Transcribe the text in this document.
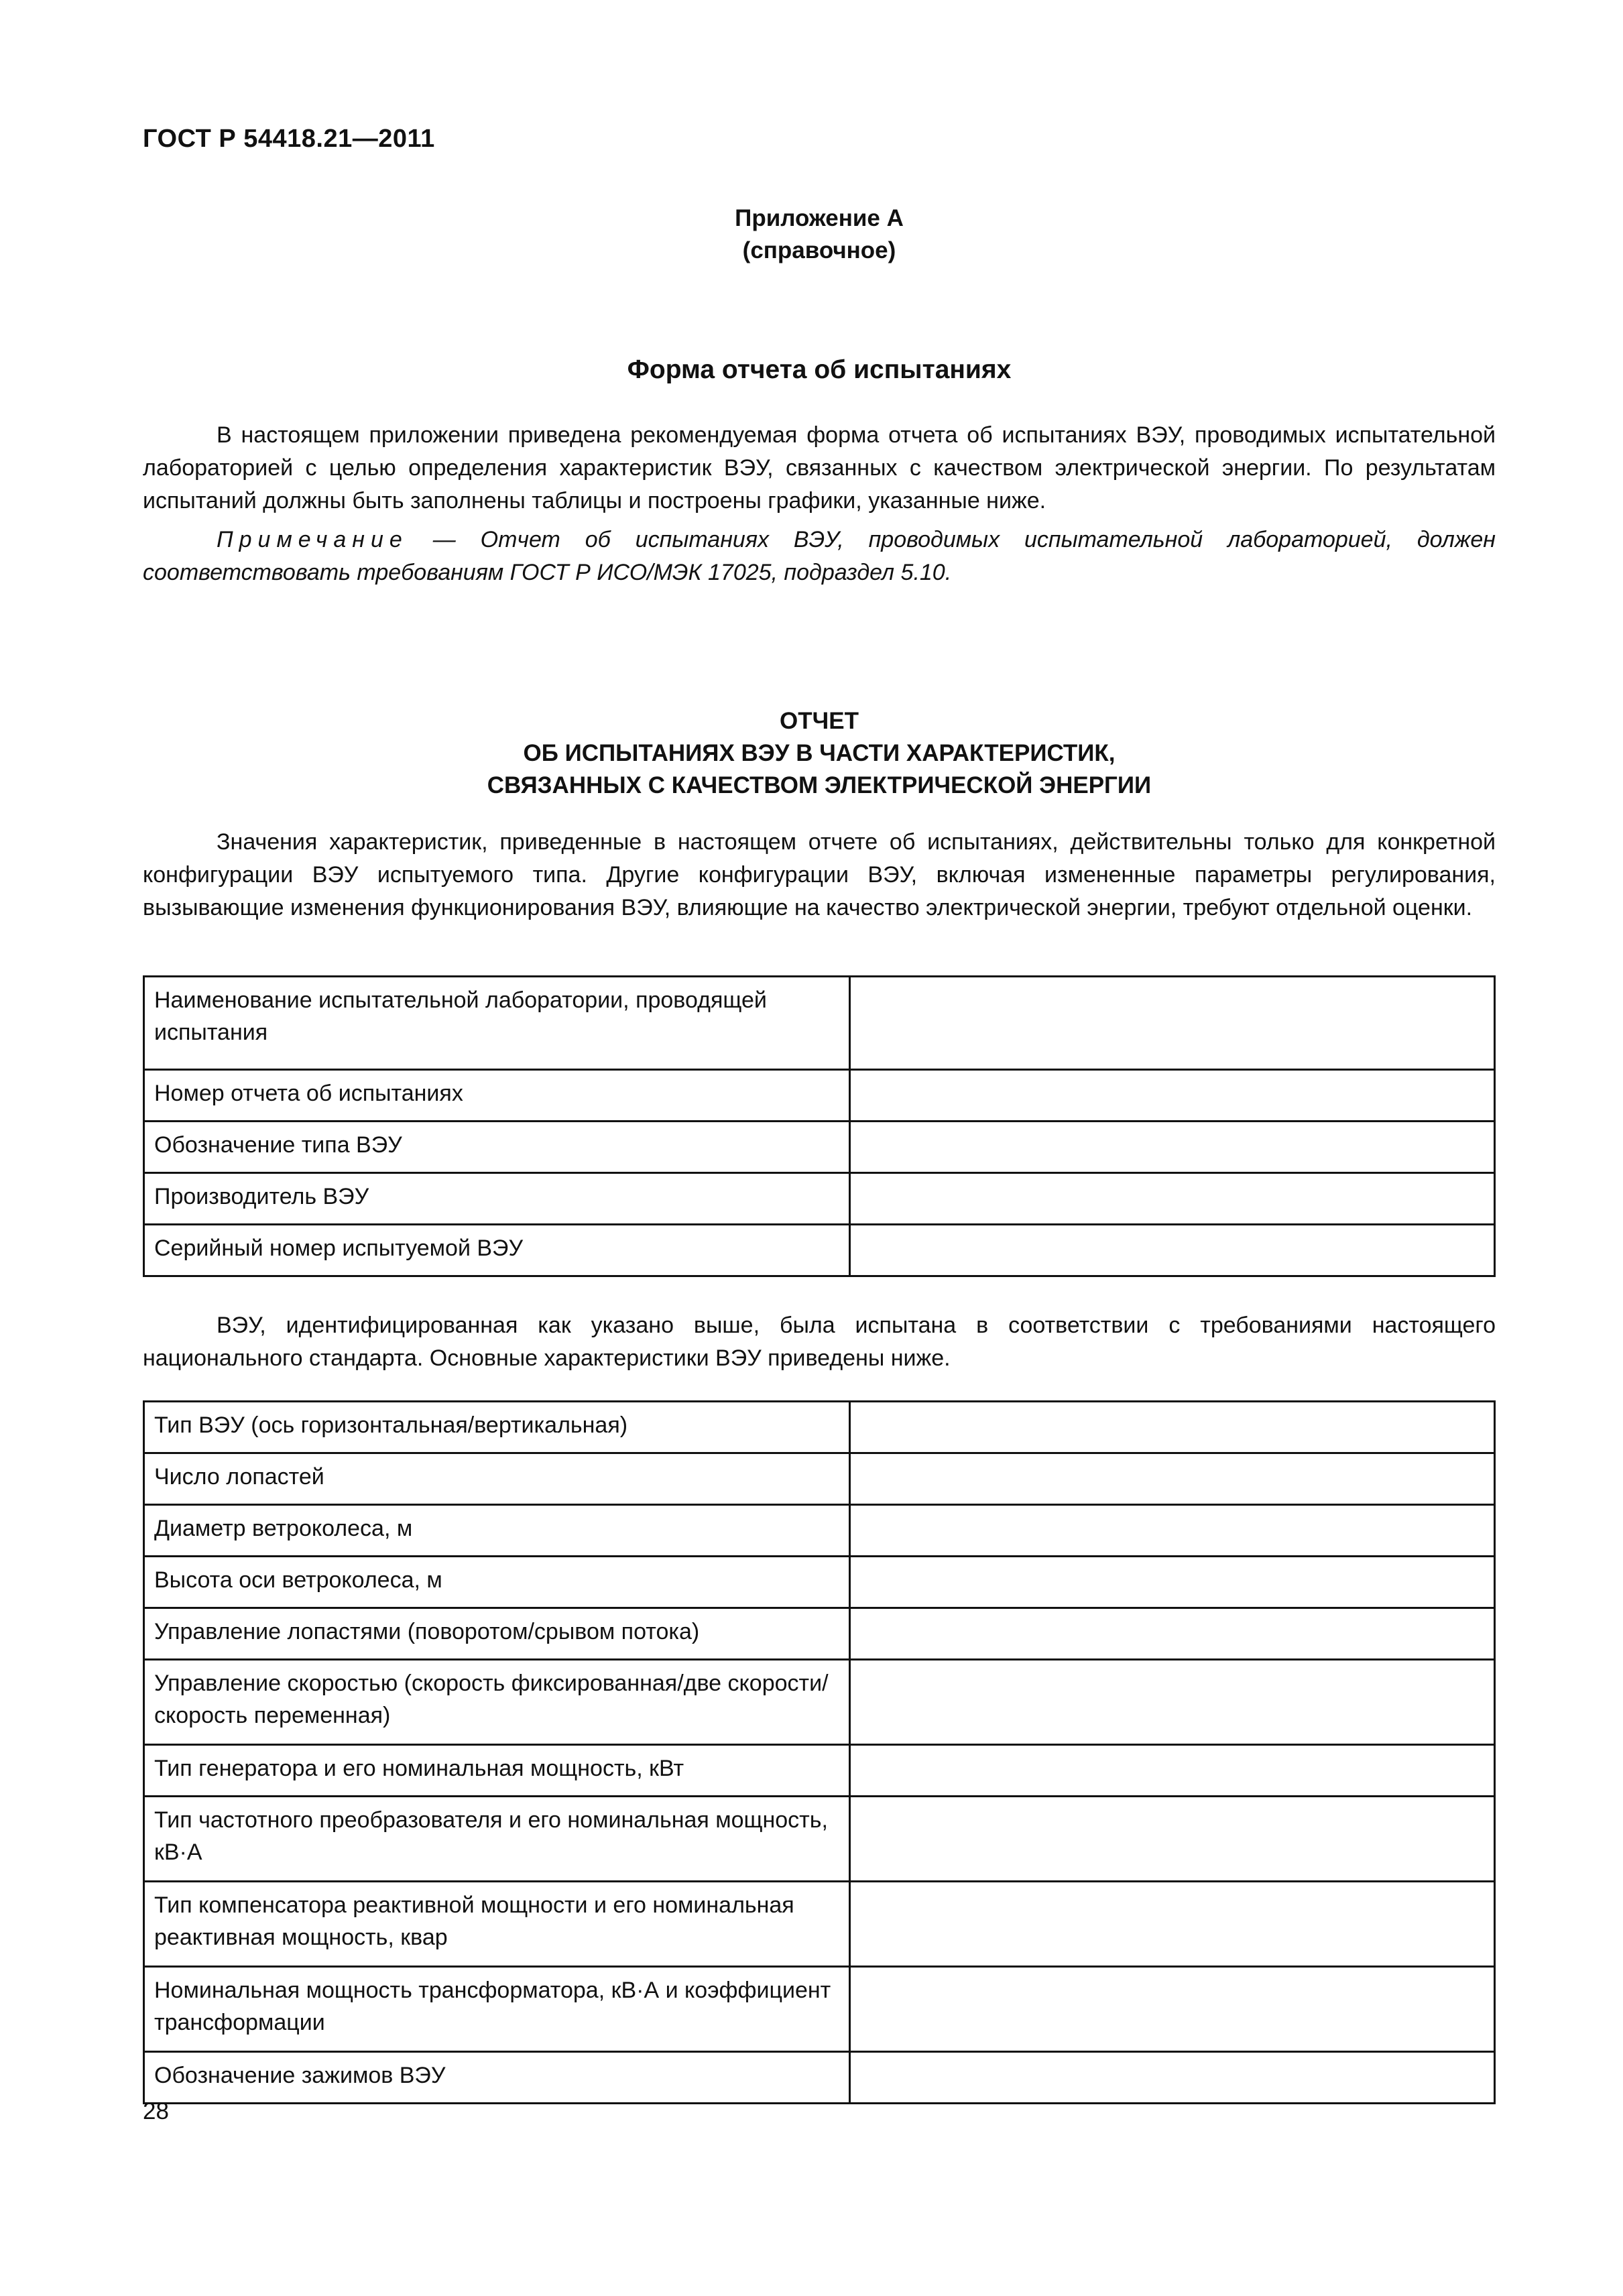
ГОСТ Р 54418.21—2011
Приложение А
(справочное)
Форма отчета об испытаниях
В настоящем приложении приведена рекомендуемая форма отчета об испытаниях ВЭУ, проводимых испытательной лабораторией с целью определения характеристик ВЭУ, связанных с качеством электрической энергии. По результатам испытаний должны быть заполнены таблицы и построены графики, указанные ниже.
Примечание — Отчет об испытаниях ВЭУ, проводимых испытательной лабораторией, должен соответствовать требованиям ГОСТ Р ИСО/МЭК 17025, подраздел 5.10.
ОТЧЕТ
ОБ ИСПЫТАНИЯХ ВЭУ В ЧАСТИ ХАРАКТЕРИСТИК,
СВЯЗАННЫХ С КАЧЕСТВОМ ЭЛЕКТРИЧЕСКОЙ ЭНЕРГИИ
Значения характеристик, приведенные в настоящем отчете об испытаниях, действительны только для конкретной конфигурации ВЭУ испытуемого типа. Другие конфигурации ВЭУ, включая измененные параметры регулирования, вызывающие изменения функционирования ВЭУ, влияющие на качество электрической энергии, требуют отдельной оценки.
Наименование испытательной лаборатории, проводящей испытания	
Номер отчета об испытаниях	
Обозначение типа ВЭУ	
Производитель ВЭУ	
Серийный номер испытуемой ВЭУ	
ВЭУ, идентифицированная как указано выше, была испытана в соответствии с требованиями настоящего национального стандарта. Основные характеристики ВЭУ приведены ниже.
Тип ВЭУ (ось горизонтальная/вертикальная)	
Число лопастей	
Диаметр ветроколеса, м	
Высота оси ветроколеса, м	
Управление лопастями (поворотом/срывом потока)	
Управление скоростью (скорость фиксированная/две скорости/ скорость переменная)	
Тип генератора и его номинальная мощность, кВт	
Тип частотного преобразователя и его номинальная мощность, кВ·А	
Тип компенсатора реактивной мощности и его номинальная реактивная мощность, квар	
Номинальная мощность трансформатора, кВ·А и коэффициент трансформации	
Обозначение зажимов ВЭУ	
28
